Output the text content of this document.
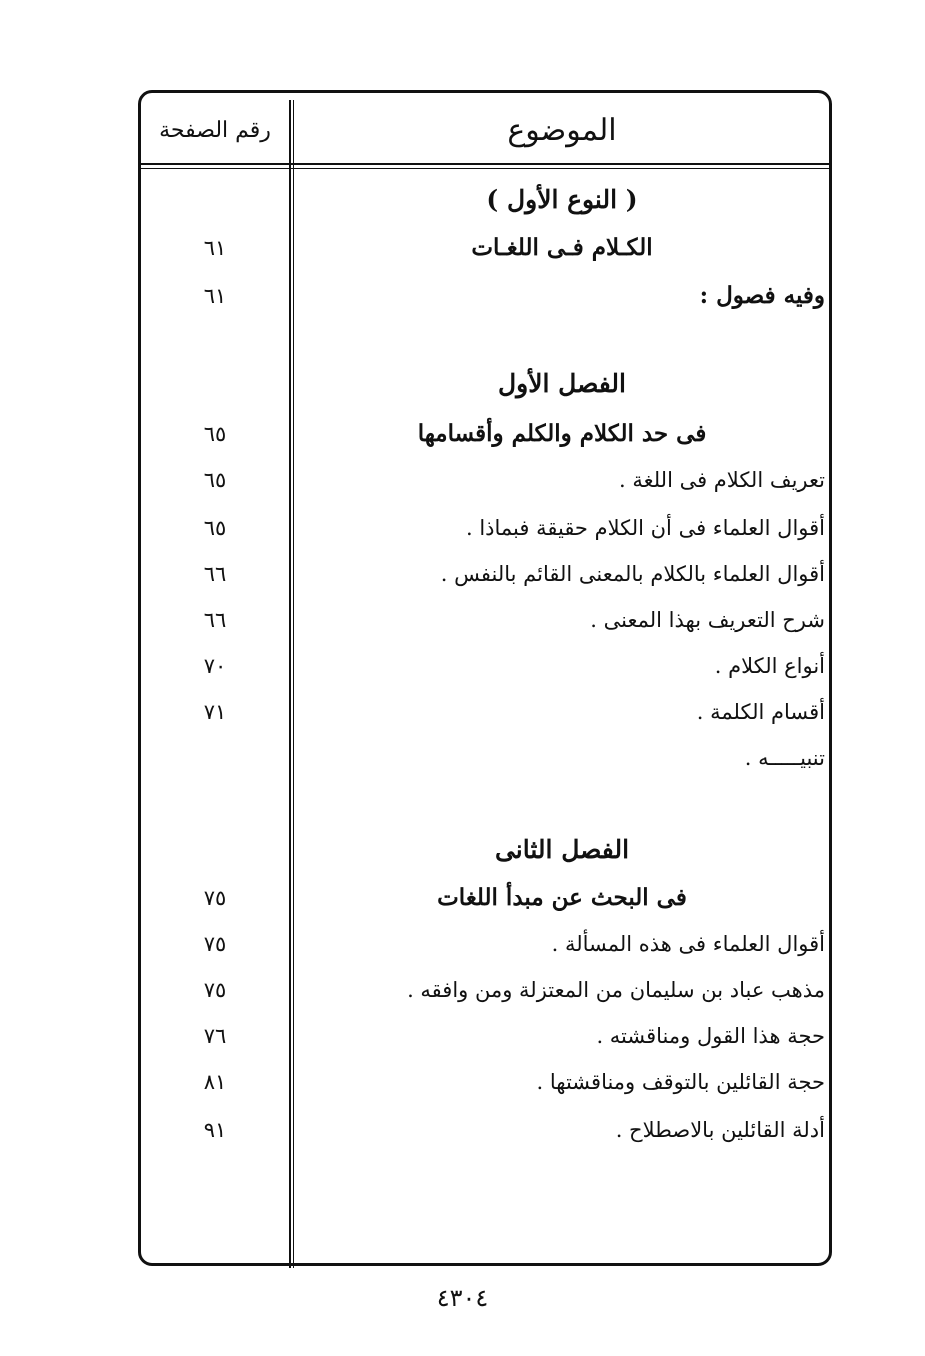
الموضوع
رقم الصفحة
( النوع الأول )
الكـلام فـى اللغـات
٦١
وفيه فصول :
٦١
الفصل الأول
فى حد الكلام والكلم وأقسامها
٦٥
تعريف الكلام فى اللغة .
٦٥
أقوال العلماء فى أن الكلام حقيقة فبماذا .
٦٥
أقوال العلماء بالكلام بالمعنى القائم بالنفس .
٦٦
شرح التعريف بهذا المعنى .
٦٦
أنواع الكلام .
٧٠
أقسام الكلمة .
٧١
تنبيـــــه .
الفصل الثانى
فى البحث عن مبدأ اللغات
٧٥
أقوال العلماء فى هذه المسألة .
٧٥
مذهب عباد بن سليمان من المعتزلة ومن وافقه .
٧٥
حجة هذا القول ومناقشته .
٧٦
حجة القائلين بالتوقف ومناقشتها .
٨١
أدلة القائلين بالاصطلاح .
٩١
٤٣٠٤
